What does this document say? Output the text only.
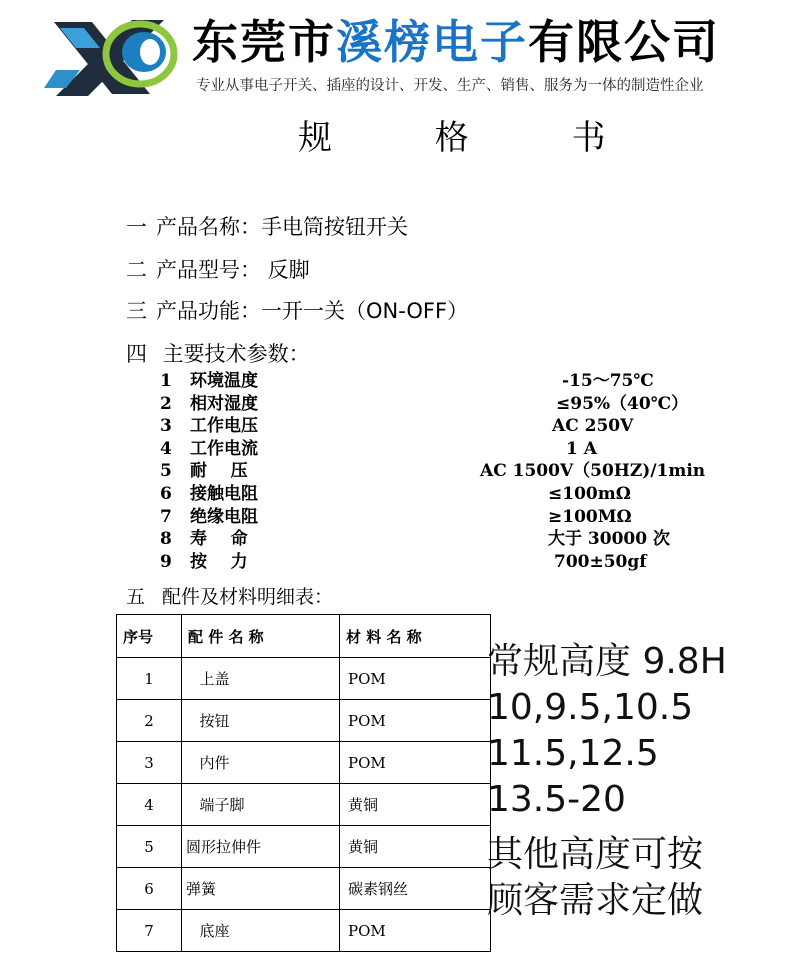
东莞市溪榜电子有限公司
专业从事电子开关、插座的设计、开发、生产、销售、服务为一体的制造性企业
规 格 书
一 产品名称：手电筒按钮开关
二 产品型号： 反脚
三 产品功能：一开一关（ON-OFF）
四 主要技术参数：
1 环境温度	-15～75℃
2 相对湿度	≤95%（40℃）
3 工作电压	AC 250V
4 工作电流	1 A
5 耐    压	AC 1500V（50HZ)/1min
6 接触电阻	≤100mΩ
7 绝缘电阻	≥100MΩ
8 寿    命	大于 30000 次
9 按    力	700±50gf
五 配件及材料明细表：
序号	配 件 名 称	材 料 名 称
1	上盖	POM
2	按钮	POM
3	内件	POM
4	端子脚	黄铜
5	圆形拉伸件	黄铜
6	弹簧	碳素钢丝
7	底座	POM
常规高度 9.8H
10,9.5,10.5
11.5,12.5
13.5-20
其他高度可按
顾客需求定做
